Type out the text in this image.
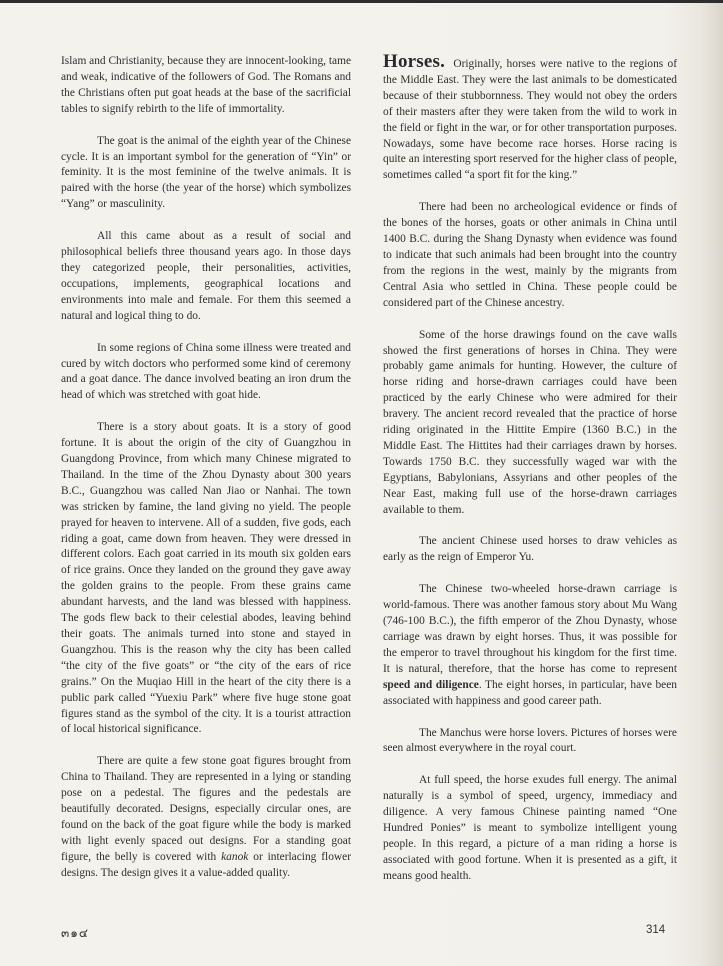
Islam and Christianity, because they are innocent-looking, tame and weak, indicative of the followers of God. The Romans and the Christians often put goat heads at the base of the sacrificial tables to signify rebirth to the life of immortality.

The goat is the animal of the eighth year of the Chinese cycle. It is an important symbol for the generation of “Yin” or feminity. It is the most feminine of the twelve animals. It is paired with the horse (the year of the horse) which symbolizes “Yang” or masculinity.

All this came about as a result of social and philosophical beliefs three thousand years ago. In those days they categorized people, their personalities, activities, occupations, implements, geographical locations and environments into male and female. For them this seemed a natural and logical thing to do.

In some regions of China some illness were treated and cured by witch doctors who performed some kind of ceremony and a goat dance. The dance involved beating an iron drum the head of which was stretched with goat hide.

There is a story about goats. It is a story of good fortune. It is about the origin of the city of Guangzhou in Guangdong Province, from which many Chinese migrated to Thailand. In the time of the Zhou Dynasty about 300 years B.C., Guangzhou was called Nan Jiao or Nanhai. The town was stricken by famine, the land giving no yield. The people prayed for heaven to intervene. All of a sudden, five gods, each riding a goat, came down from heaven. They were dressed in different colors. Each goat carried in its mouth six golden ears of rice grains. Once they landed on the ground they gave away the golden grains to the people. From these grains came abundant harvests, and the land was blessed with happiness. The gods flew back to their celestial abodes, leaving behind their goats. The animals turned into stone and stayed in Guangzhou. This is the reason why the city has been called “the city of the five goats” or “the city of the ears of rice grains.” On the Muqiao Hill in the heart of the city there is a public park called “Yuexiu Park” where five huge stone goat figures stand as the symbol of the city. It is a tourist attraction of local historical significance.

There are quite a few stone goat figures brought from China to Thailand. They are represented in a lying or standing pose on a pedestal. The figures and the pedestals are beautifully decorated. Designs, especially circular ones, are found on the back of the goat figure while the body is marked with light evenly spaced out designs. For a standing goat figure, the belly is covered with kanok or interlacing flower designs. The design gives it a value-added quality.

Horses. Originally, horses were native to the regions of the Middle East. They were the last animals to be domesticated because of their stubbornness. They would not obey the orders of their masters after they were taken from the wild to work in the field or fight in the war, or for other transportation purposes. Nowadays, some have become race horses. Horse racing is quite an interesting sport reserved for the higher class of people, sometimes called “a sport fit for the king.”

There had been no archeological evidence or finds of the bones of the horses, goats or other animals in China until 1400 B.C. during the Shang Dynasty when evidence was found to indicate that such animals had been brought into the country from the regions in the west, mainly by the migrants from Central Asia who settled in China. These people could be considered part of the Chinese ancestry.

Some of the horse drawings found on the cave walls showed the first generations of horses in China. They were probably game animals for hunting. However, the culture of horse riding and horse-drawn carriages could have been practiced by the early Chinese who were admired for their bravery. The ancient record revealed that the practice of horse riding originated in the Hittite Empire (1360 B.C.) in the Middle East. The Hittites had their carriages drawn by horses. Towards 1750 B.C. they successfully waged war with the Egyptians, Babylonians, Assyrians and other peoples of the Near East, making full use of the horse-drawn carriages available to them.

The ancient Chinese used horses to draw vehicles as early as the reign of Emperor Yu.

The Chinese two-wheeled horse-drawn carriage is world-famous. There was another famous story about Mu Wang (746-100 B.C.), the fifth emperor of the Zhou Dynasty, whose carriage was drawn by eight horses. Thus, it was possible for the emperor to travel throughout his kingdom for the first time. It is natural, therefore, that the horse has come to represent speed and diligence. The eight horses, in particular, have been associated with happiness and good career path.

The Manchus were horse lovers. Pictures of horses were seen almost everywhere in the royal court.

At full speed, the horse exudes full energy. The animal naturally is a symbol of speed, urgency, immediacy and diligence. A very famous Chinese painting named “One Hundred Ponies” is meant to symbolize intelligent young people. In this regard, a picture of a man riding a horse is associated with good fortune. When it is presented as a gift, it means good health.

๓๑๔	314
